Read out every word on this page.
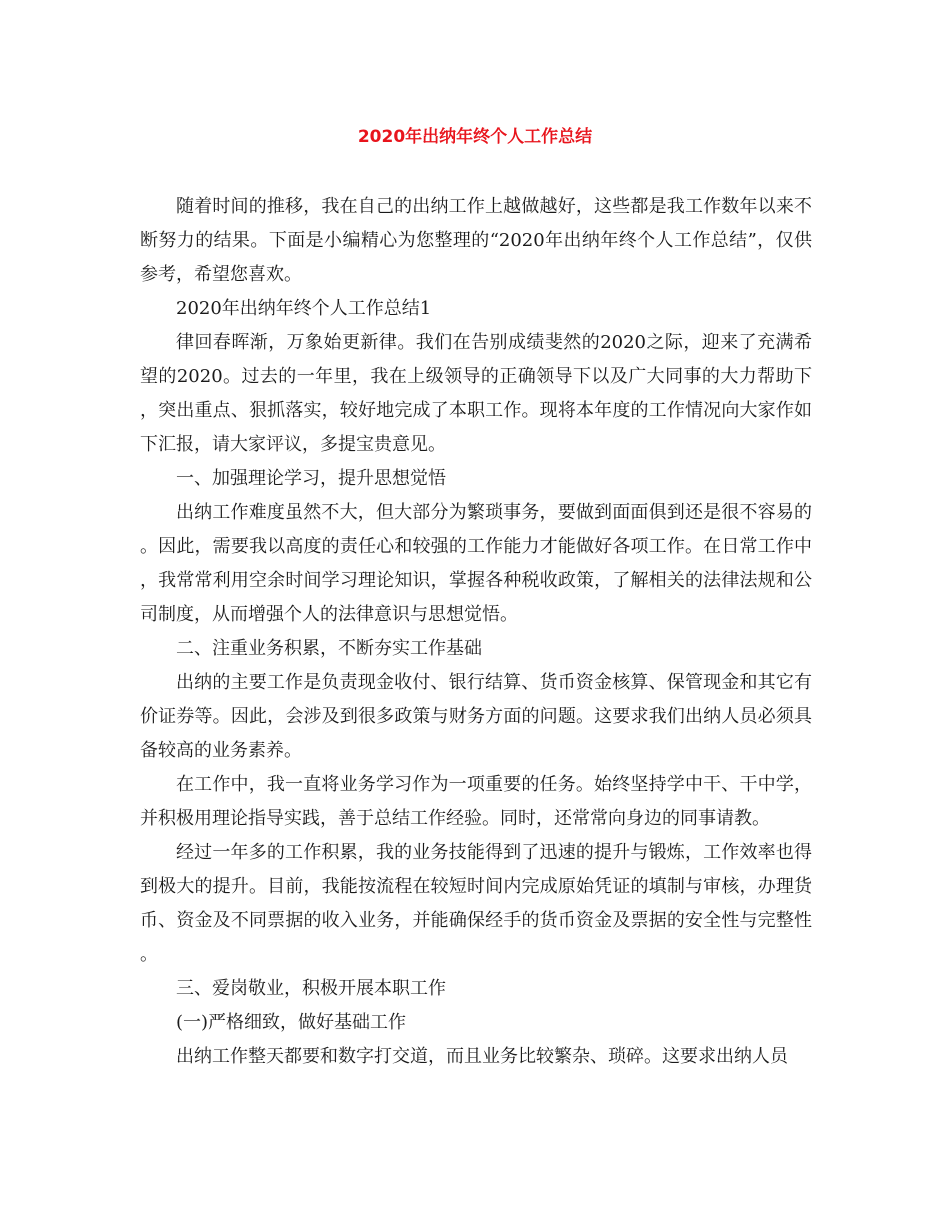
2020年出纳年终个人工作总结

随着时间的推移，我在自己的出纳工作上越做越好，这些都是我工作数年以来不断努力的结果。下面是小编精心为您整理的“2020年出纳年终个人工作总结”，仅供参考，希望您喜欢。

2020年出纳年终个人工作总结1

律回春晖渐，万象始更新律。我们在告别成绩斐然的2020之际，迎来了充满希望的2020。过去的一年里，我在上级领导的正确领导下以及广大同事的大力帮助下，突出重点、狠抓落实，较好地完成了本职工作。现将本年度的工作情况向大家作如下汇报，请大家评议，多提宝贵意见。

一、加强理论学习，提升思想觉悟

出纳工作难度虽然不大，但大部分为繁琐事务，要做到面面俱到还是很不容易的。因此，需要我以高度的责任心和较强的工作能力才能做好各项工作。在日常工作中，我常常利用空余时间学习理论知识，掌握各种税收政策，了解相关的法律法规和公司制度，从而增强个人的法律意识与思想觉悟。

二、注重业务积累，不断夯实工作基础

出纳的主要工作是负责现金收付、银行结算、货币资金核算、保管现金和其它有价证券等。因此，会涉及到很多政策与财务方面的问题。这要求我们出纳人员必须具备较高的业务素养。

在工作中，我一直将业务学习作为一项重要的任务。始终坚持学中干、干中学，并积极用理论指导实践，善于总结工作经验。同时，还常常向身边的同事请教。

经过一年多的工作积累，我的业务技能得到了迅速的提升与锻炼，工作效率也得到极大的提升。目前，我能按流程在较短时间内完成原始凭证的填制与审核，办理货币、资金及不同票据的收入业务，并能确保经手的货币资金及票据的安全性与完整性。

三、爱岗敬业，积极开展本职工作

(一)严格细致，做好基础工作

出纳工作整天都要和数字打交道，而且业务比较繁杂、琐碎。这要求出纳人员
